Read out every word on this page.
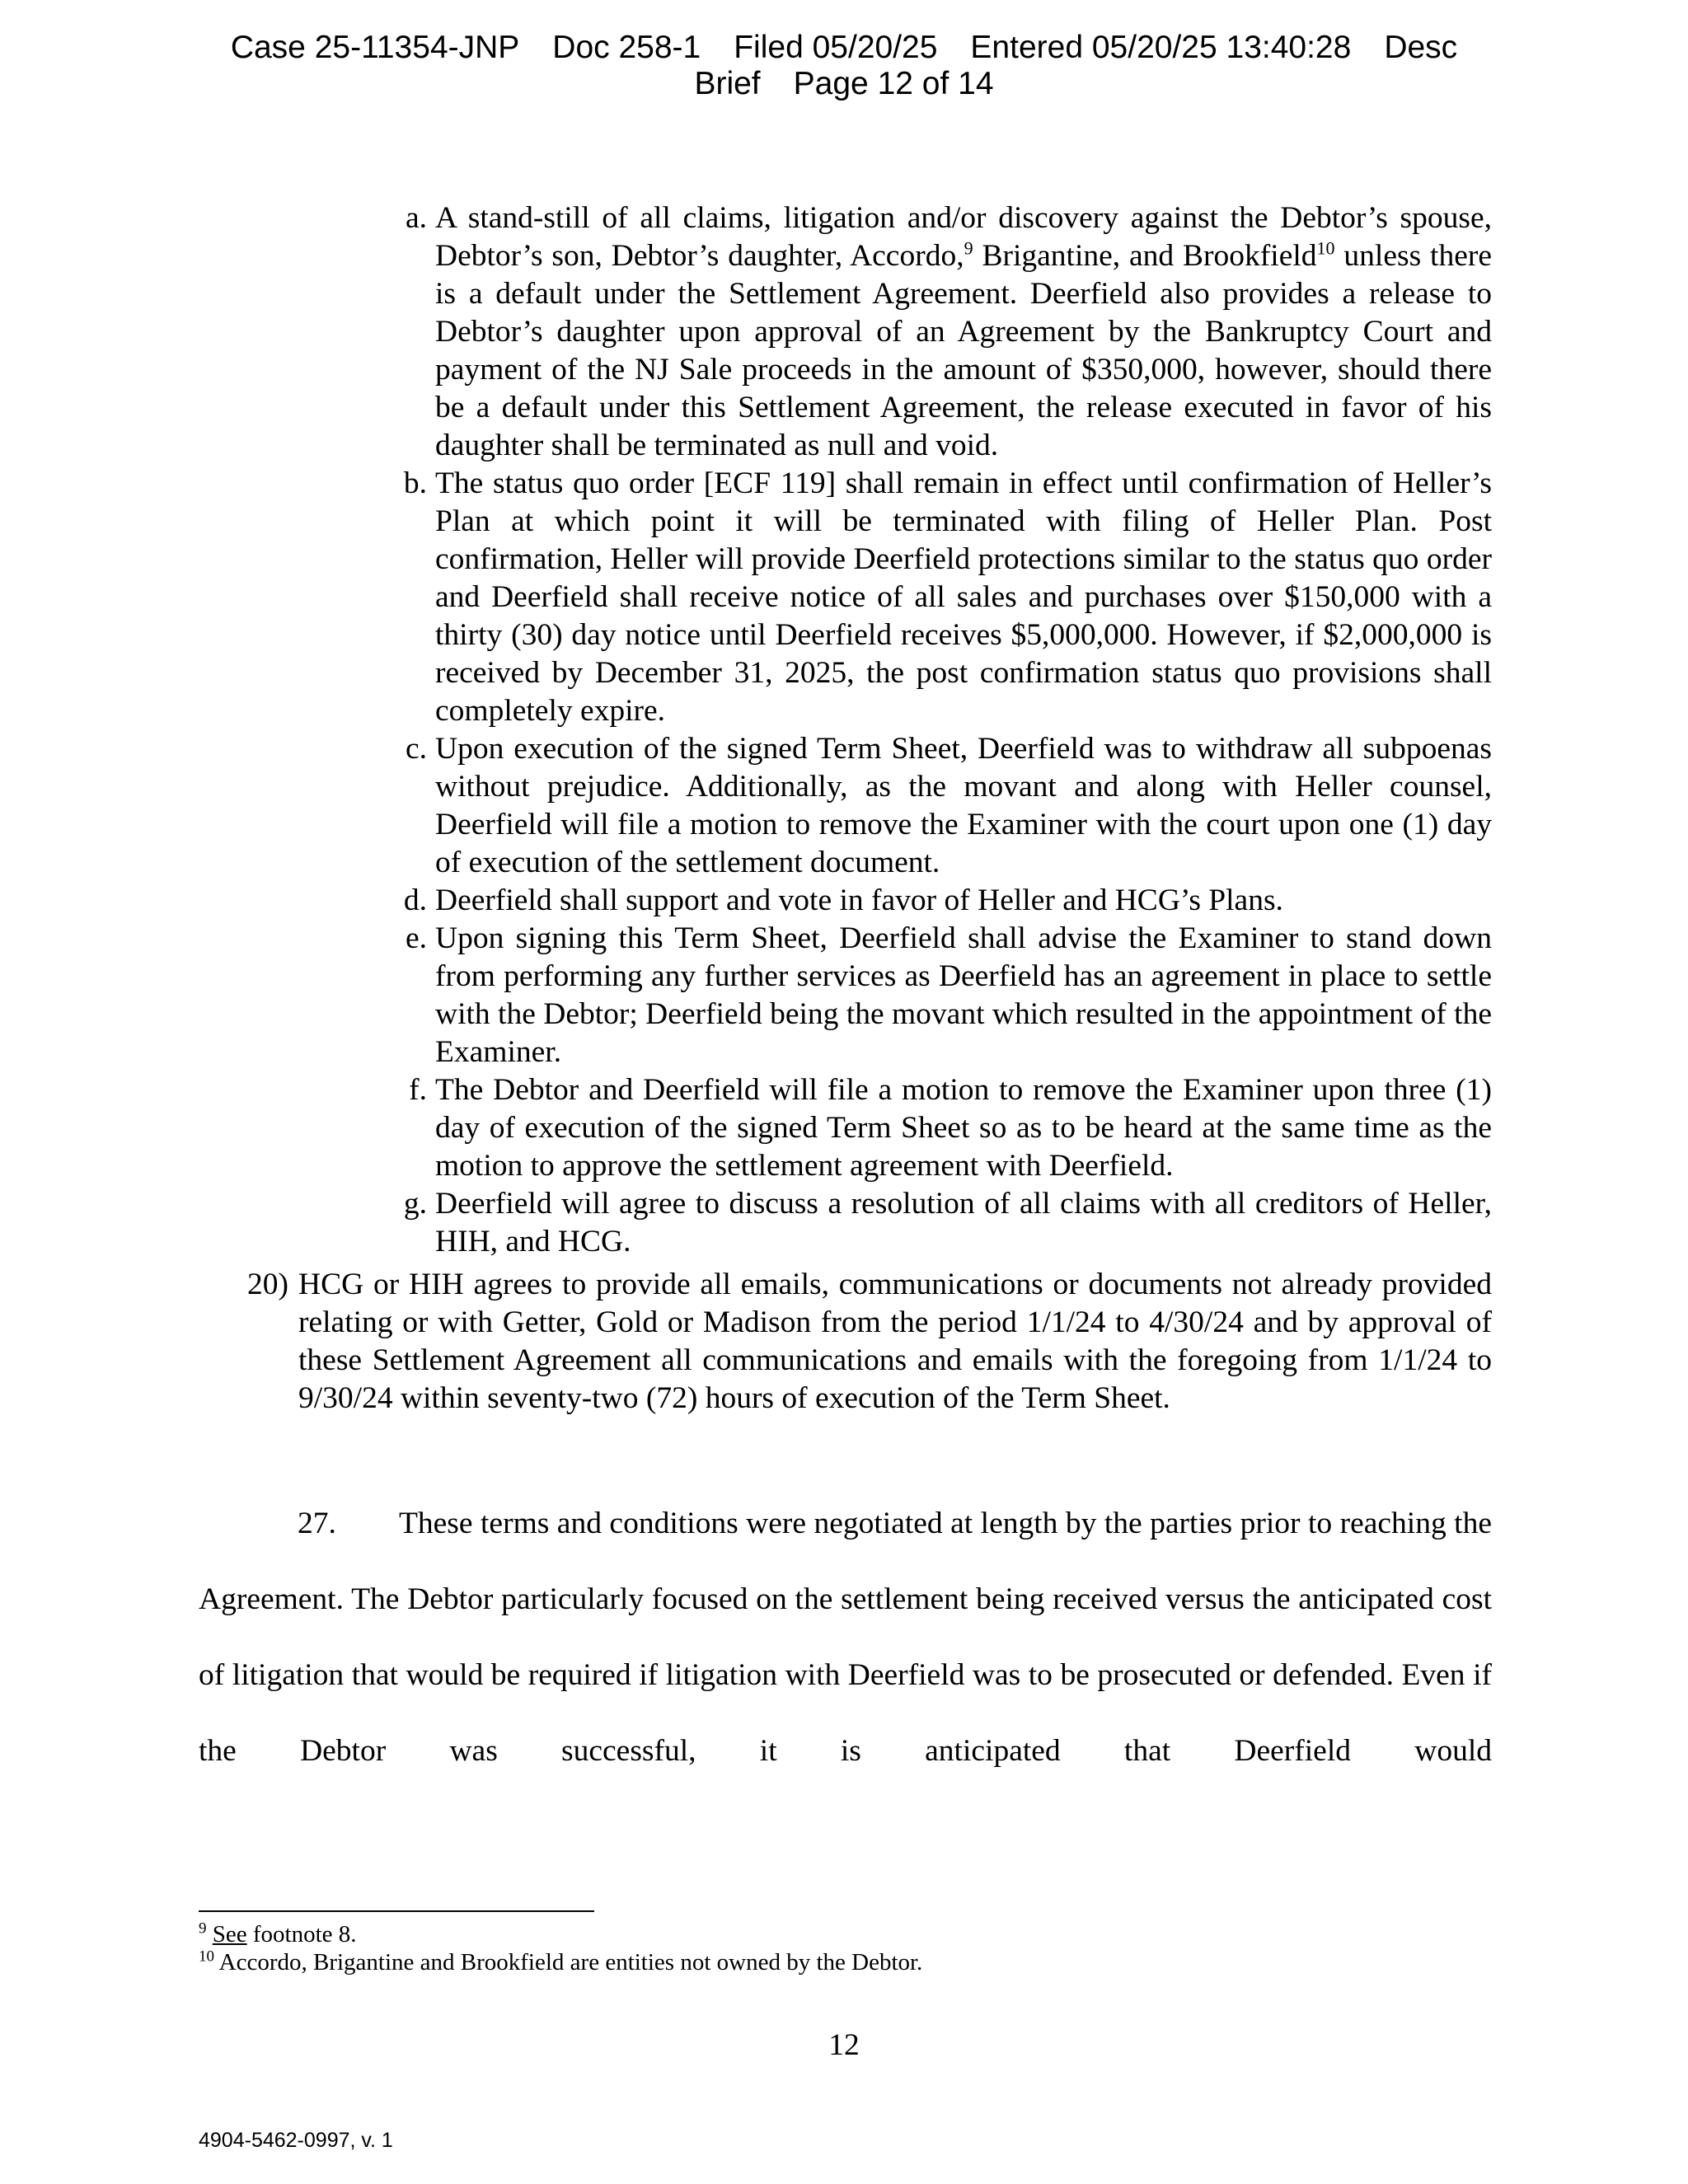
Case 25-11354-JNP Doc 258-1 Filed 05/20/25 Entered 05/20/25 13:40:28 Desc
Brief Page 12 of 14
a. A stand-still of all claims, litigation and/or discovery against the Debtor’s spouse, Debtor’s son, Debtor’s daughter, Accordo,$^9$ Brigantine, and Brookfield$^{10}$ unless there is a default under the Settlement Agreement. Deerfield also provides a release to Debtor’s daughter upon approval of an Agreement by the Bankruptcy Court and payment of the NJ Sale proceeds in the amount of $350,000, however, should there be a default under this Settlement Agreement, the release executed in favor of his daughter shall be terminated as null and void.
b. The status quo order [ECF 119] shall remain in effect until confirmation of Heller’s Plan at which point it will be terminated with filing of Heller Plan. Post confirmation, Heller will provide Deerfield protections similar to the status quo order and Deerfield shall receive notice of all sales and purchases over $150,000 with a thirty (30) day notice until Deerfield receives $5,000,000. However, if $2,000,000 is received by December 31, 2025, the post confirmation status quo provisions shall completely expire.
c. Upon execution of the signed Term Sheet, Deerfield was to withdraw all subpoenas without prejudice. Additionally, as the movant and along with Heller counsel, Deerfield will file a motion to remove the Examiner with the court upon one (1) day of execution of the settlement document.
d. Deerfield shall support and vote in favor of Heller and HCG’s Plans.
e. Upon signing this Term Sheet, Deerfield shall advise the Examiner to stand down from performing any further services as Deerfield has an agreement in place to settle with the Debtor; Deerfield being the movant which resulted in the appointment of the Examiner.
f. The Debtor and Deerfield will file a motion to remove the Examiner upon three (1) day of execution of the signed Term Sheet so as to be heard at the same time as the motion to approve the settlement agreement with Deerfield.
g. Deerfield will agree to discuss a resolution of all claims with all creditors of Heller, HIH, and HCG.
20) HCG or HIH agrees to provide all emails, communications or documents not already provided relating or with Getter, Gold or Madison from the period 1/1/24 to 4/30/24 and by approval of these Settlement Agreement all communications and emails with the foregoing from 1/1/24 to 9/30/24 within seventy-two (72) hours of execution of the Term Sheet.
27. These terms and conditions were negotiated at length by the parties prior to reaching the Agreement. The Debtor particularly focused on the settlement being received versus the anticipated cost of litigation that would be required if litigation with Deerfield was to be prosecuted or defended. Even if the Debtor was successful, it is anticipated that Deerfield would
$^9$ See footnote 8.
$^{10}$ Accordo, Brigantine and Brookfield are entities not owned by the Debtor.
12
4904-5462-0997, v. 1
